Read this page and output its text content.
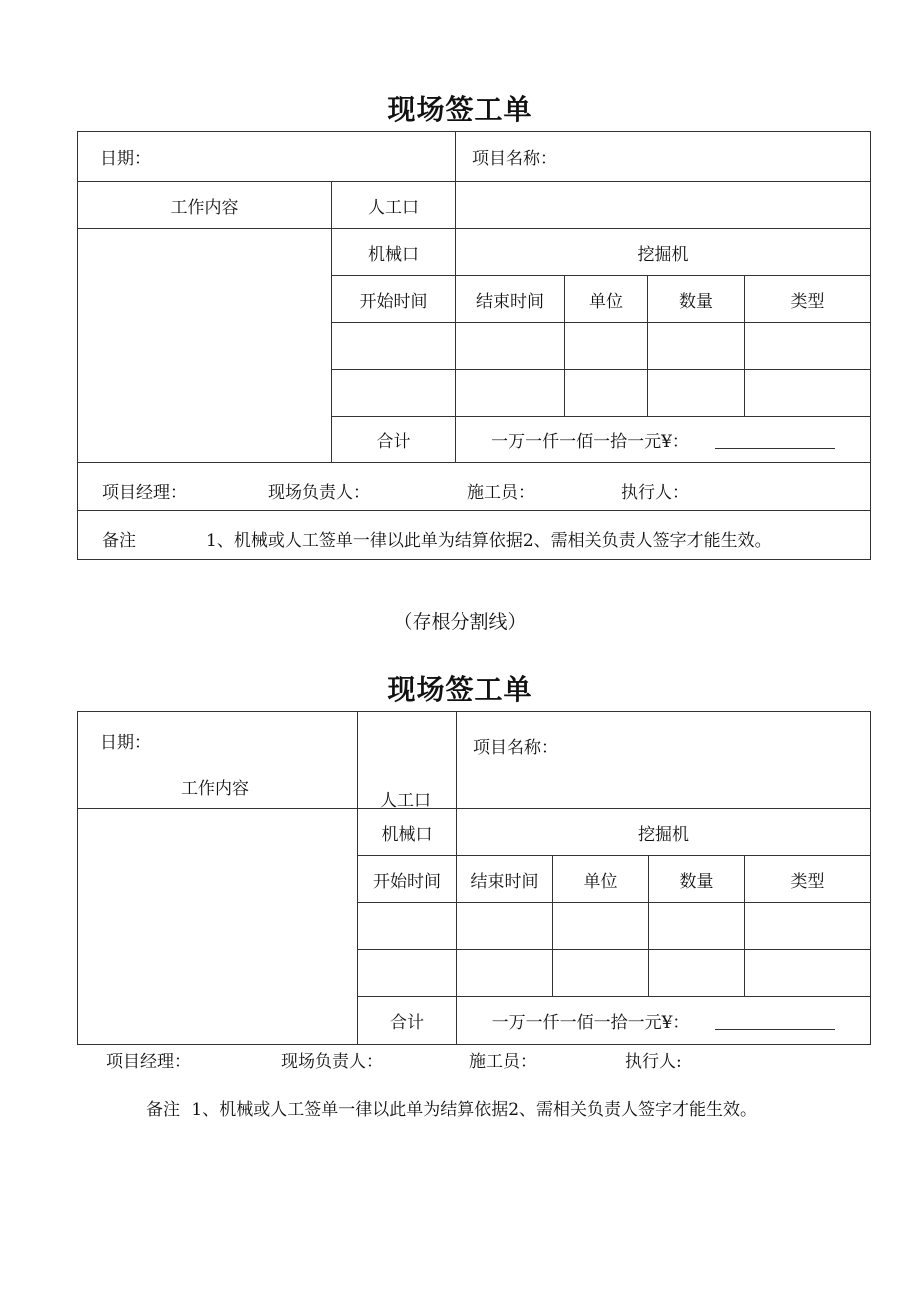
现场签工单
日期：		项目名称：			
工作内容	人工口				
	机械口	挖掘机			
	开始时间	结束时间	单位	数量	类型

	合计	一万一仟一佰一拾一元¥：			

项目经理： 现场负责人： 施工员： 执行人：					

备注 1、机械或人工签单一律以此单为结算依据2、需相关负责人签字才能生效。					
（存根分割线）
现场签工单
日期：
工作内容	人工口	项目名称：			

	机械口	挖掘机			
	开始时间	结束时间	单位	数量	类型

	合计	一万一仟一佰一拾一元¥：			
项目经理：	现场负责人：	施工员：	执行人:
备注 1、机械或人工签单一律以此单为结算依据2、需相关负责人签字才能生效。
